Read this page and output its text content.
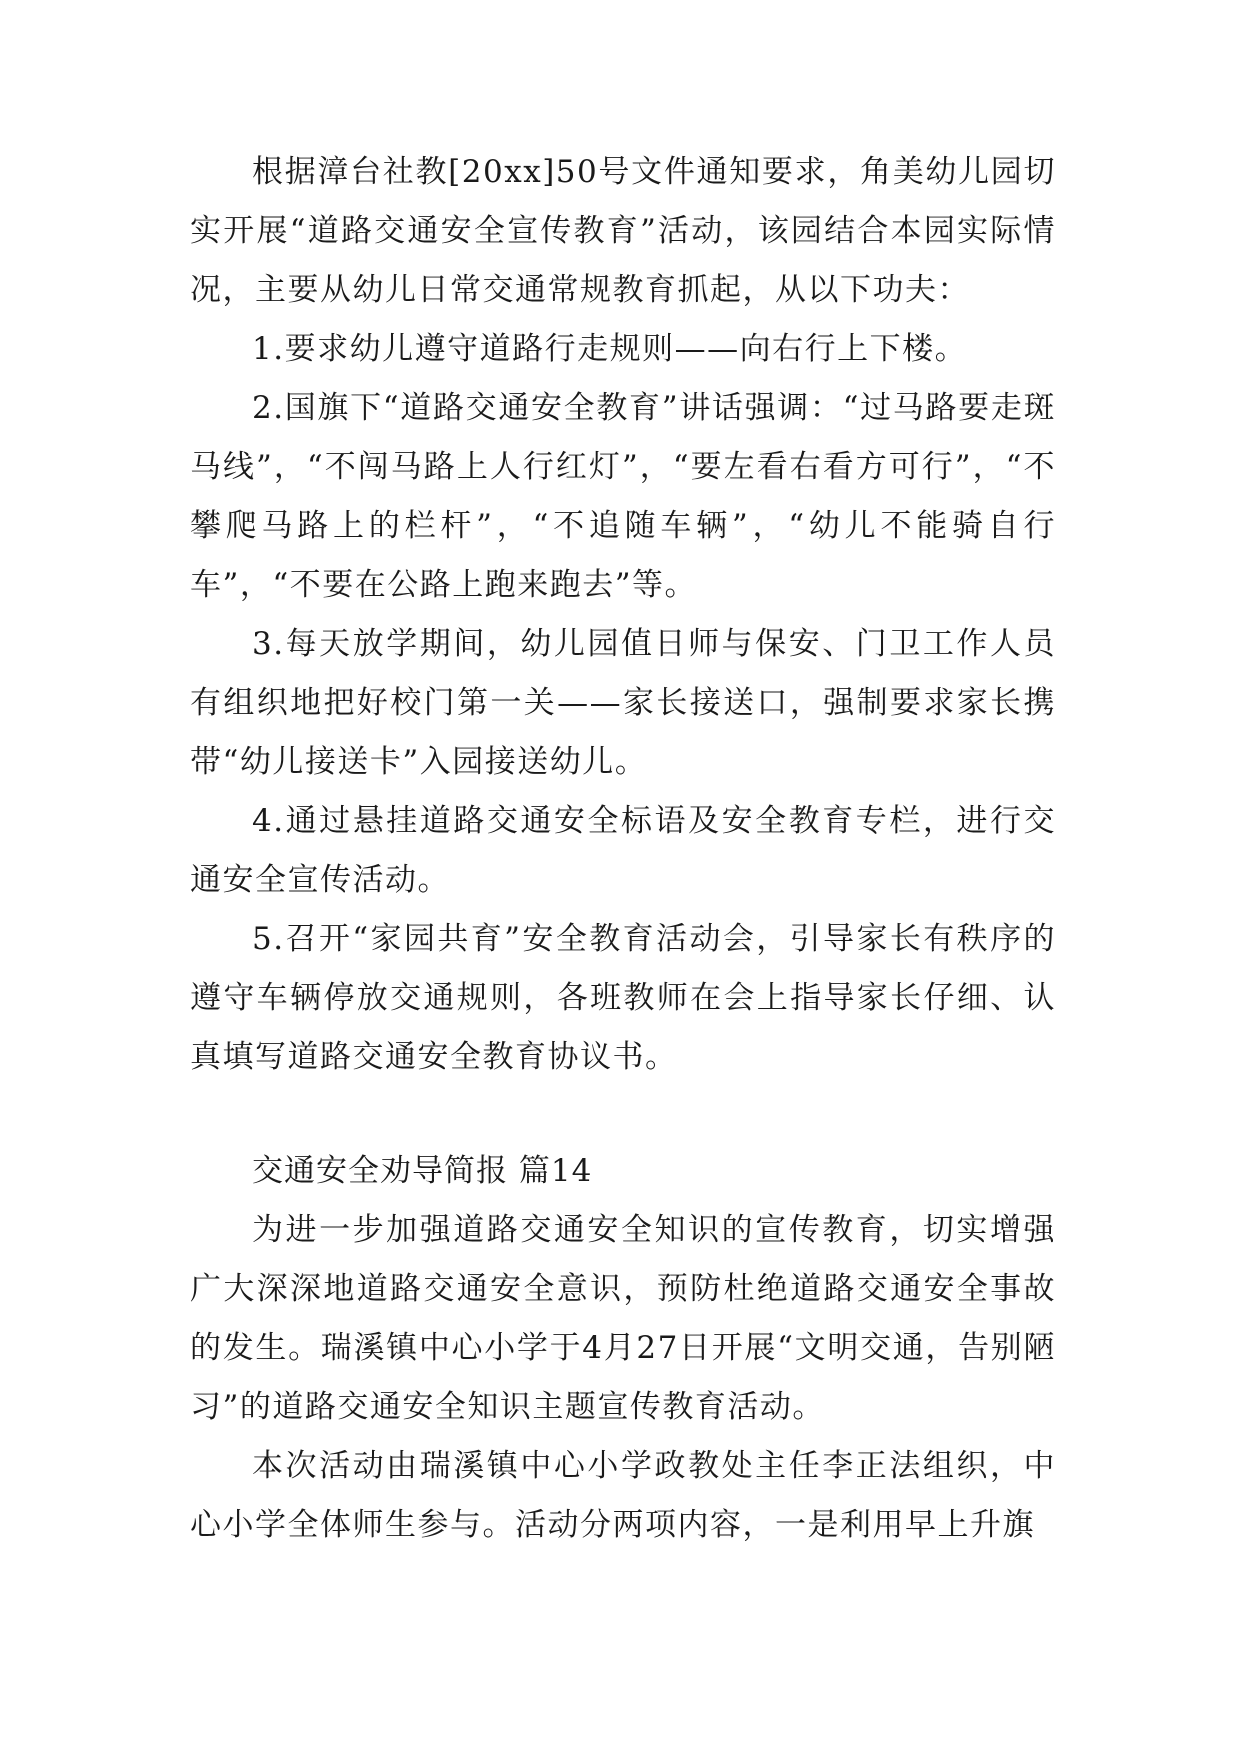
根据漳台社教[20xx]50号文件通知要求，角美幼儿园切实开展“道路交通安全宣传教育”活动，该园结合本园实际情况，主要从幼儿日常交通常规教育抓起，从以下功夫：

1.要求幼儿遵守道路行走规则——向右行上下楼。

2.国旗下“道路交通安全教育”讲话强调：“过马路要走斑马线”，“不闯马路上人行红灯”，“要左看右看方可行”，“不攀爬马路上的栏杆”，“不追随车辆”，“幼儿不能骑自行车”，“不要在公路上跑来跑去”等。

3.每天放学期间，幼儿园值日师与保安、门卫工作人员有组织地把好校门第一关——家长接送口，强制要求家长携带“幼儿接送卡”入园接送幼儿。

4.通过悬挂道路交通安全标语及安全教育专栏，进行交通安全宣传活动。

5.召开“家园共育”安全教育活动会，引导家长有秩序的遵守车辆停放交通规则，各班教师在会上指导家长仔细、认真填写道路交通安全教育协议书。

交通安全劝导简报 篇14

为进一步加强道路交通安全知识的宣传教育，切实增强广大深深地道路交通安全意识，预防杜绝道路交通安全事故的发生。瑞溪镇中心小学于4月27日开展“文明交通，告别陋习”的道路交通安全知识主题宣传教育活动。

本次活动由瑞溪镇中心小学政教处主任李正法组织，中心小学全体师生参与。活动分两项内容，一是利用早上升旗
